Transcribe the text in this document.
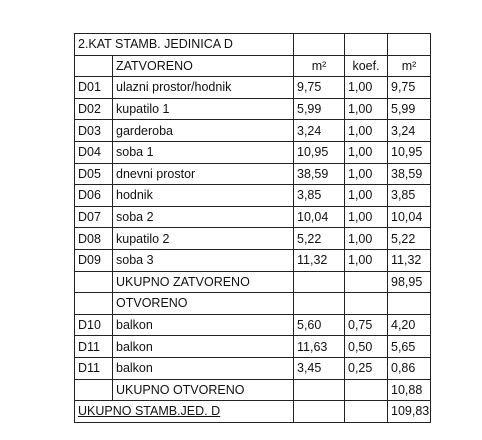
2.KAT STAMB. JEDINICA D				
	ZATVORENO	m²	koef.	m²
D01	ulazni prostor/hodnik	9,75	1,00	9,75
D02	kupatilo 1	5,99	1,00	5,99
D03	garderoba	3,24	1,00	3,24
D04	soba 1	10,95	1,00	10,95
D05	dnevni prostor	38,59	1,00	38,59
D06	hodnik	3,85	1,00	3,85
D07	soba 2	10,04	1,00	10,04
D08	kupatilo 2	5,22	1,00	5,22
D09	soba 3	11,32	1,00	11,32
	UKUPNO ZATVORENO			98,95
	OTVORENO			
D10	balkon	5,60	0,75	4,20
D11	balkon	11,63	0,50	5,65
D11	balkon	3,45	0,25	0,86
	UKUPNO OTVORENO			10,88
UKUPNO STAMB.JED. D				109,83
